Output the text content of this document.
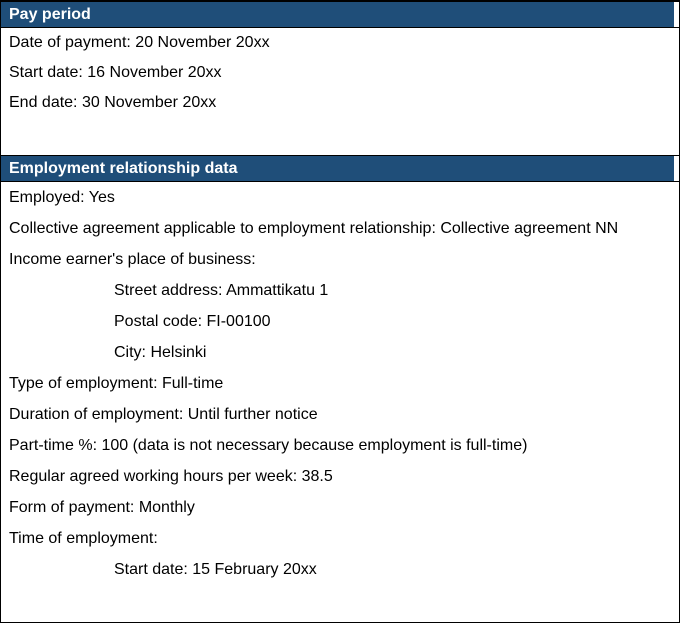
Pay period
Date of payment: 20 November 20xx
Start date: 16 November 20xx
End date: 30 November 20xx
Employment relationship data
Employed: Yes
Collective agreement applicable to employment relationship: Collective agreement NN
Income earner's place of business:
Street address: Ammattikatu 1
Postal code: FI-00100
City: Helsinki
Type of employment: Full-time
Duration of employment: Until further notice
Part-time %: 100 (data is not necessary because employment is full-time)
Regular agreed working hours per week: 38.5
Form of payment: Monthly
Time of employment:
Start date: 15 February 20xx
